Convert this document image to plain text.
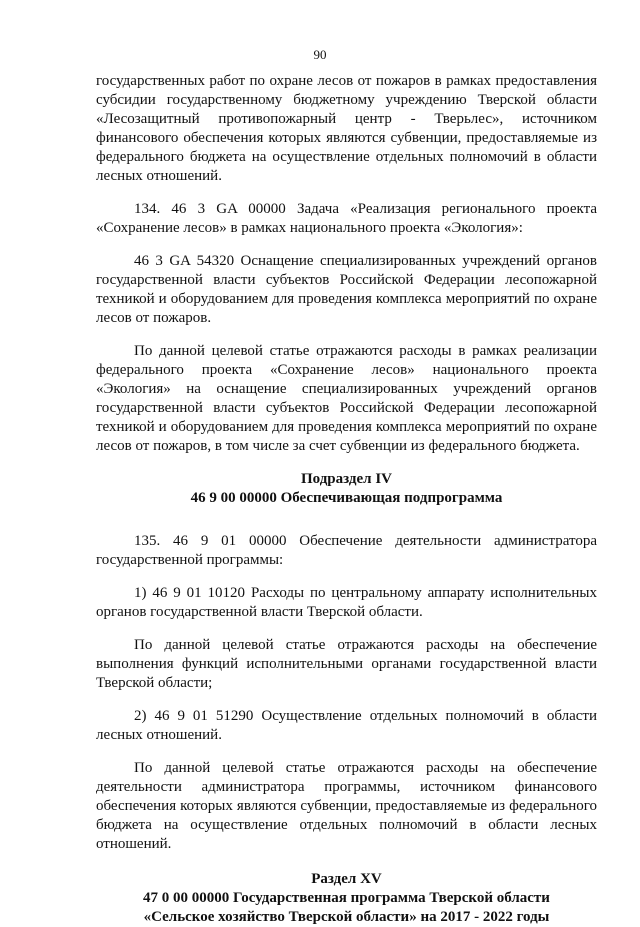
90

государственных работ по охране лесов от пожаров в рамках предоставления субсидии государственному бюджетному учреждению Тверской области «Лесозащитный противопожарный центр - Тверьлес», источником финансового обеспечения которых являются субвенции, предоставляемые из федерального бюджета на осуществление отдельных полномочий в области лесных отношений.

134. 46 3 GA 00000 Задача «Реализация регионального проекта «Сохранение лесов» в рамках национального проекта «Экология»:

46 3 GA 54320 Оснащение специализированных учреждений органов государственной власти субъектов Российской Федерации лесопожарной техникой и оборудованием для проведения комплекса мероприятий по охране лесов от пожаров.

По данной целевой статье отражаются расходы в рамках реализации федерального проекта «Сохранение лесов» национального проекта «Экология» на оснащение специализированных учреждений органов государственной власти субъектов Российской Федерации лесопожарной техникой и оборудованием для проведения комплекса мероприятий по охране лесов от пожаров, в том числе за счет субвенции из федерального бюджета.

Подраздел IV

46 9 00 00000 Обеспечивающая подпрограмма

135. 46 9 01 00000 Обеспечение деятельности администратора государственной программы:

1) 46 9 01 10120 Расходы по центральному аппарату исполнительных органов государственной власти Тверской области.

По данной целевой статье отражаются расходы на обеспечение выполнения функций исполнительными органами государственной власти Тверской области;

2) 46 9 01 51290 Осуществление отдельных полномочий в области лесных отношений.

По данной целевой статье отражаются расходы на обеспечение деятельности администратора программы, источником финансового обеспечения которых являются субвенции, предоставляемые из федерального бюджета на осуществление отдельных полномочий в области лесных отношений.

Раздел XV

47 0 00 00000 Государственная программа Тверской области

«Сельское хозяйство Тверской области» на 2017 - 2022 годы
